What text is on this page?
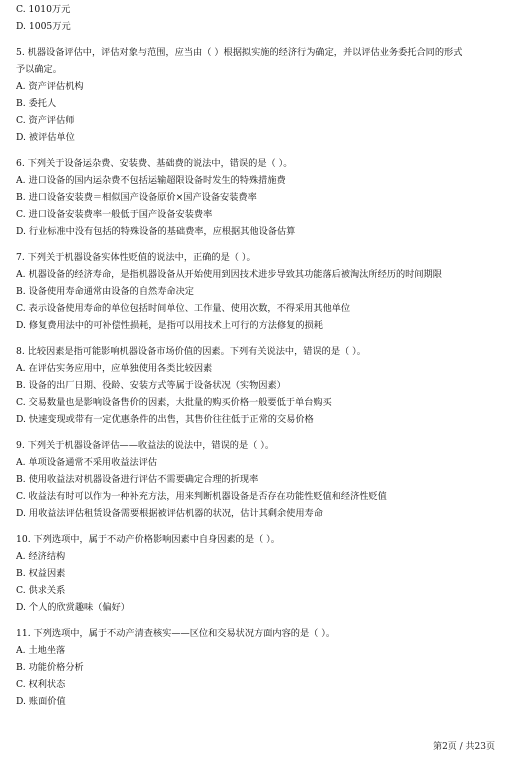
C. 1010万元
D. 1005万元
5. 机器设备评估中，评估对象与范围，应当由（ ）根据拟实施的经济行为确定，并以评估业务委托合同的形式
予以确定。
A. 资产评估机构
B. 委托人
C. 资产评估师
D. 被评估单位
6. 下列关于设备运杂费、安装费、基础费的说法中，错误的是（ ）。
A. 进口设备的国内运杂费不包括运输超限设备时发生的特殊措施费
B. 进口设备安装费＝相似国产设备原价×国产设备安装费率
C. 进口设备安装费率一般低于国产设备安装费率
D. 行业标准中没有包括的特殊设备的基础费率，应根据其他设备估算
7. 下列关于机器设备实体性贬值的说法中，正确的是（ ）。
A. 机器设备的经济寿命，是指机器设备从开始使用到因技术进步导致其功能落后被淘汰所经历的时间期限
B. 设备使用寿命通常由设备的自然寿命决定
C. 表示设备使用寿命的单位包括时间单位、工作量、使用次数，不得采用其他单位
D. 修复费用法中的可补偿性损耗，是指可以用技术上可行的方法修复的损耗
8. 比较因素是指可能影响机器设备市场价值的因素。下列有关说法中，错误的是（ ）。
A. 在评估实务应用中，应单独使用各类比较因素
B. 设备的出厂日期、役龄、安装方式等属于设备状况（实物因素）
C. 交易数量也是影响设备售价的因素，大批量的购买价格一般要低于单台购买
D. 快速变现或带有一定优惠条件的出售，其售价往往低于正常的交易价格
9. 下列关于机器设备评估——收益法的说法中，错误的是（ ）。
A. 单项设备通常不采用收益法评估
B. 使用收益法对机器设备进行评估不需要确定合理的折现率
C. 收益法有时可以作为一种补充方法，用来判断机器设备是否存在功能性贬值和经济性贬值
D. 用收益法评估租赁设备需要根据被评估机器的状况，估计其剩余使用寿命
10. 下列选项中，属于不动产价格影响因素中自身因素的是（ ）。
A. 经济结构
B. 权益因素
C. 供求关系
D. 个人的欣赏趣味（偏好）
11. 下列选项中，属于不动产清查核实——区位和交易状况方面内容的是（ ）。
A. 土地坐落
B. 功能价格分析
C. 权利状态
D. 账面价值
第2页 / 共23页
